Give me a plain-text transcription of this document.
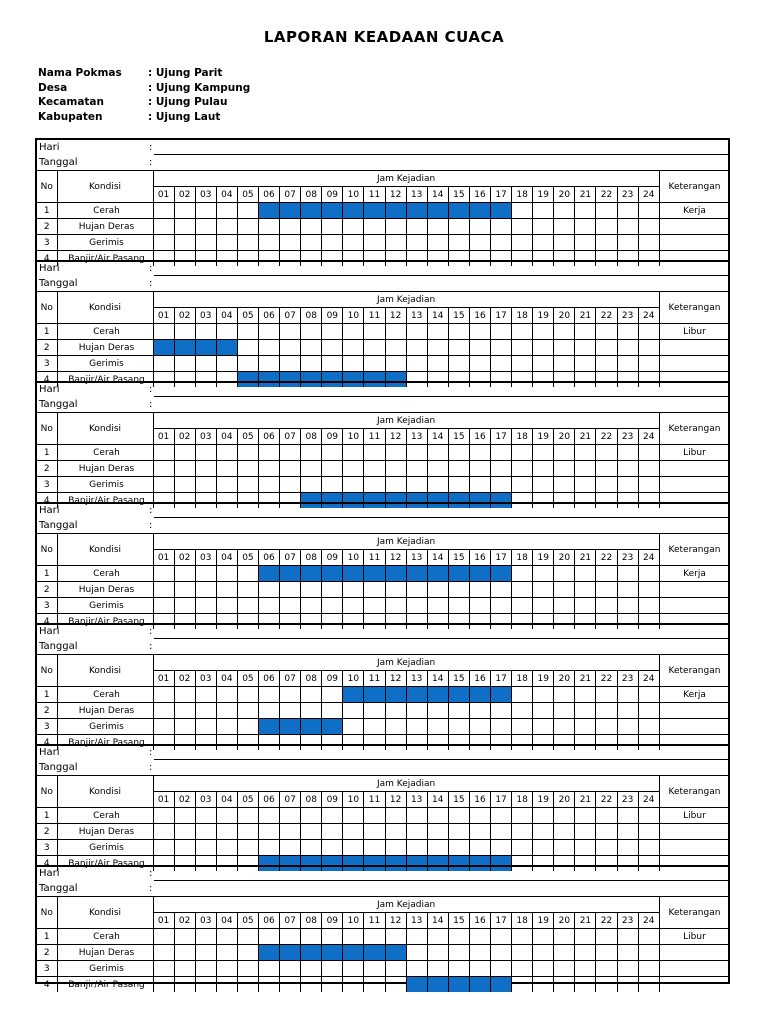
LAPORAN KEADAAN CUACA
Nama Pokmas	: Ujung Parit
Desa	: Ujung Kampung
Kecamatan	: Ujung Pulau
Kabupaten	: Ujung Laut
Hari	:
Tanggal	:
No	Kondisi	Jam Kejadian																								Keterangan
		01	02	03	04	05	06	07	08	09	10	11	12	13	14	15	16	17	18	19	20	21	22	23	24	
1	Cerah																									Kerja
2	Hujan Deras																									
3	Gerimis																									
4	Banjir/Air Pasang																									
Hari	:
Tanggal	:
No	Kondisi	Jam Kejadian																								Keterangan
		01	02	03	04	05	06	07	08	09	10	11	12	13	14	15	16	17	18	19	20	21	22	23	24	
1	Cerah																									Libur
2	Hujan Deras																									
3	Gerimis																									
4	Banjir/Air Pasang																									
Hari	:
Tanggal	:
No	Kondisi	Jam Kejadian																								Keterangan
		01	02	03	04	05	06	07	08	09	10	11	12	13	14	15	16	17	18	19	20	21	22	23	24	
1	Cerah																									Libur
2	Hujan Deras																									
3	Gerimis																									
4	Banjir/Air Pasang																									
Hari	:
Tanggal	:
No	Kondisi	Jam Kejadian																								Keterangan
		01	02	03	04	05	06	07	08	09	10	11	12	13	14	15	16	17	18	19	20	21	22	23	24	
1	Cerah																									Kerja
2	Hujan Deras																									
3	Gerimis																									
4	Banjir/Air Pasang																									
Hari	:
Tanggal	:
No	Kondisi	Jam Kejadian																								Keterangan
		01	02	03	04	05	06	07	08	09	10	11	12	13	14	15	16	17	18	19	20	21	22	23	24	
1	Cerah																									Kerja
2	Hujan Deras																									
3	Gerimis																									
4	Banjir/Air Pasang																									
Hari	:
Tanggal	:
No	Kondisi	Jam Kejadian																								Keterangan
		01	02	03	04	05	06	07	08	09	10	11	12	13	14	15	16	17	18	19	20	21	22	23	24	
1	Cerah																									Libur
2	Hujan Deras																									
3	Gerimis																									
4	Banjir/Air Pasang																									
Hari	:
Tanggal	:
No	Kondisi	Jam Kejadian																								Keterangan
		01	02	03	04	05	06	07	08	09	10	11	12	13	14	15	16	17	18	19	20	21	22	23	24	
1	Cerah																									Libur
2	Hujan Deras																									
3	Gerimis																									
4	Banjir/Air Pasang																									
